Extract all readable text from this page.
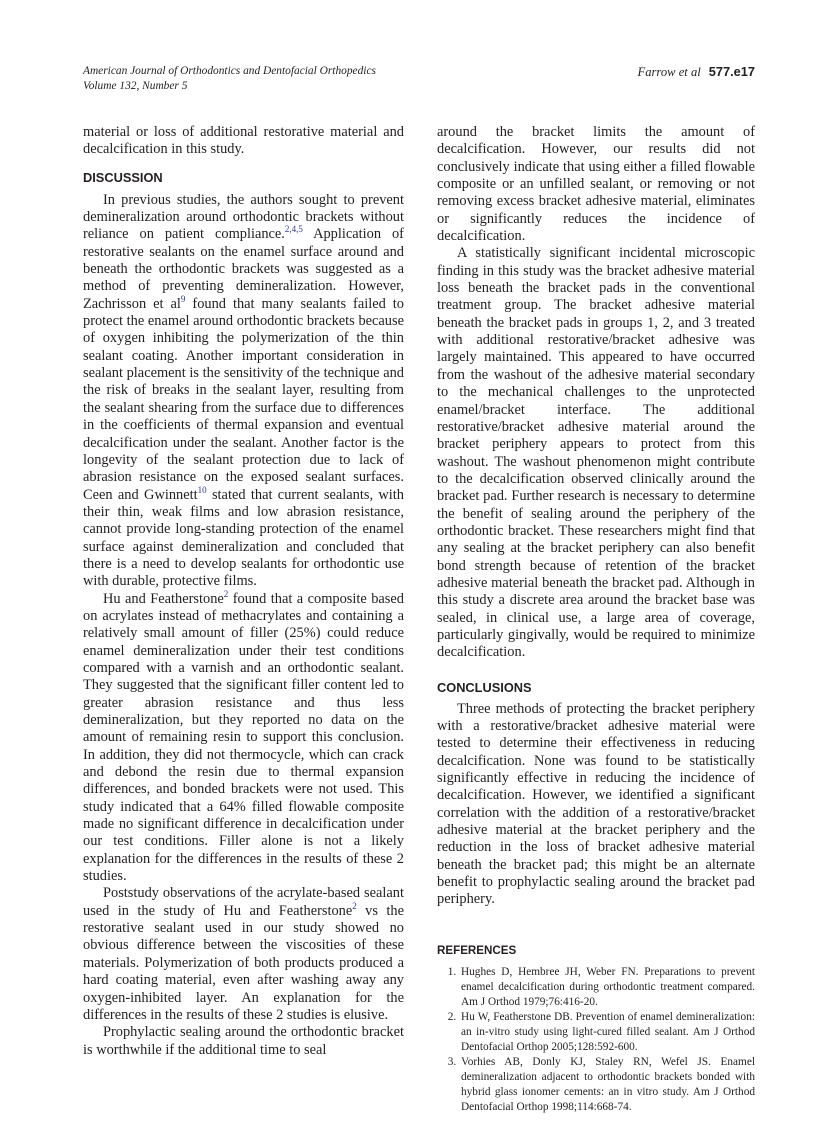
American Journal of Orthodontics and Dentofacial Orthopedics
Volume 132, Number 5
Farrow et al 577.e17

material or loss of additional restorative material and decalcification in this study.

DISCUSSION

In previous studies, the authors sought to prevent demineralization around orthodontic brackets without reliance on patient compliance.$^{2,4,5}$ Application of restorative sealants on the enamel surface around and beneath the orthodontic brackets was suggested as a method of preventing demineralization. However, Zachrisson et $al^9$ found that many sealants failed to protect the enamel around orthodontic brackets because of oxygen inhibiting the polymerization of the thin sealant coating. Another important consideration in sealant placement is the sensitivity of the technique and the risk of breaks in the sealant layer, resulting from the sealant shearing from the surface due to differences in the coefficients of thermal expansion and eventual decalcification under the sealant. Another factor is the longevity of the sealant protection due to lack of abrasion resistance on the exposed sealant surfaces. Ceen and Gwinnett$^{10}$ stated that current sealants, with their thin, weak films and low abrasion resistance, cannot provide long-standing protection of the enamel surface against demineralization and concluded that there is a need to develop sealants for orthodontic use with durable, protective films.

Hu and Featherstone$^2$ found that a composite based on acrylates instead of methacrylates and containing a relatively small amount of filler (25%) could reduce enamel demineralization under their test conditions compared with a varnish and an orthodontic sealant. They suggested that the significant filler content led to greater abrasion resistance and thus less demineralization, but they reported no data on the amount of remaining resin to support this conclusion. In addition, they did not thermocycle, which can crack and debond the resin due to thermal expansion differences, and bonded brackets were not used. This study indicated that a 64% filled flowable composite made no significant difference in decalcification under our test conditions. Filler alone is not a likely explanation for the differences in the results of these 2 studies.

Poststudy observations of the acrylate-based sealant used in the study of Hu and Featherstone$^2$ vs the restorative sealant used in our study showed no obvious difference between the viscosities of these materials. Polymerization of both products produced a hard coating material, even after washing away any oxygen-inhibited layer. An explanation for the differences in the results of these 2 studies is elusive.

Prophylactic sealing around the orthodontic bracket is worthwhile if the additional time to seal

around the bracket limits the amount of decalcification. However, our results did not conclusively indicate that using either a filled flowable composite or an unfilled sealant, or removing or not removing excess bracket adhesive material, eliminates or significantly reduces the incidence of decalcification.

A statistically significant incidental microscopic finding in this study was the bracket adhesive material loss beneath the bracket pads in the conventional treatment group. The bracket adhesive material beneath the bracket pads in groups 1, 2, and 3 treated with additional restorative/bracket adhesive was largely maintained. This appeared to have occurred from the washout of the adhesive material secondary to the mechanical challenges to the unprotected enamel/bracket interface. The additional restorative/bracket adhesive material around the bracket periphery appears to protect from this washout. The washout phenomenon might contribute to the decalcification observed clinically around the bracket pad. Further research is necessary to determine the benefit of sealing around the periphery of the orthodontic bracket. These researchers might find that any sealing at the bracket periphery can also benefit bond strength because of retention of the bracket adhesive material beneath the bracket pad. Although in this study a discrete area around the bracket base was sealed, in clinical use, a large area of coverage, particularly gingivally, would be required to minimize decalcification.

CONCLUSIONS

Three methods of protecting the bracket periphery with a restorative/bracket adhesive material were tested to determine their effectiveness in reducing decalcification. None was found to be statistically significantly effective in reducing the incidence of decalcification. However, we identified a significant correlation with the addition of a restorative/bracket adhesive material at the bracket periphery and the reduction in the loss of bracket adhesive material beneath the bracket pad; this might be an alternate benefit to prophylactic sealing around the bracket pad periphery.

REFERENCES
1. Hughes D, Hembree JH, Weber FN. Preparations to prevent enamel decalcification during orthodontic treatment compared. Am J Orthod 1979;76:416-20.
2. Hu W, Featherstone DB. Prevention of enamel demineralization: an in-vitro study using light-cured filled sealant. Am J Orthod Dentofacial Orthop 2005;128:592-600.
3. Vorhies AB, Donly KJ, Staley RN, Wefel JS. Enamel demineralization adjacent to orthodontic brackets bonded with hybrid glass ionomer cements: an in vitro study. Am J Orthod Dentofacial Orthop 1998;114:668-74.
